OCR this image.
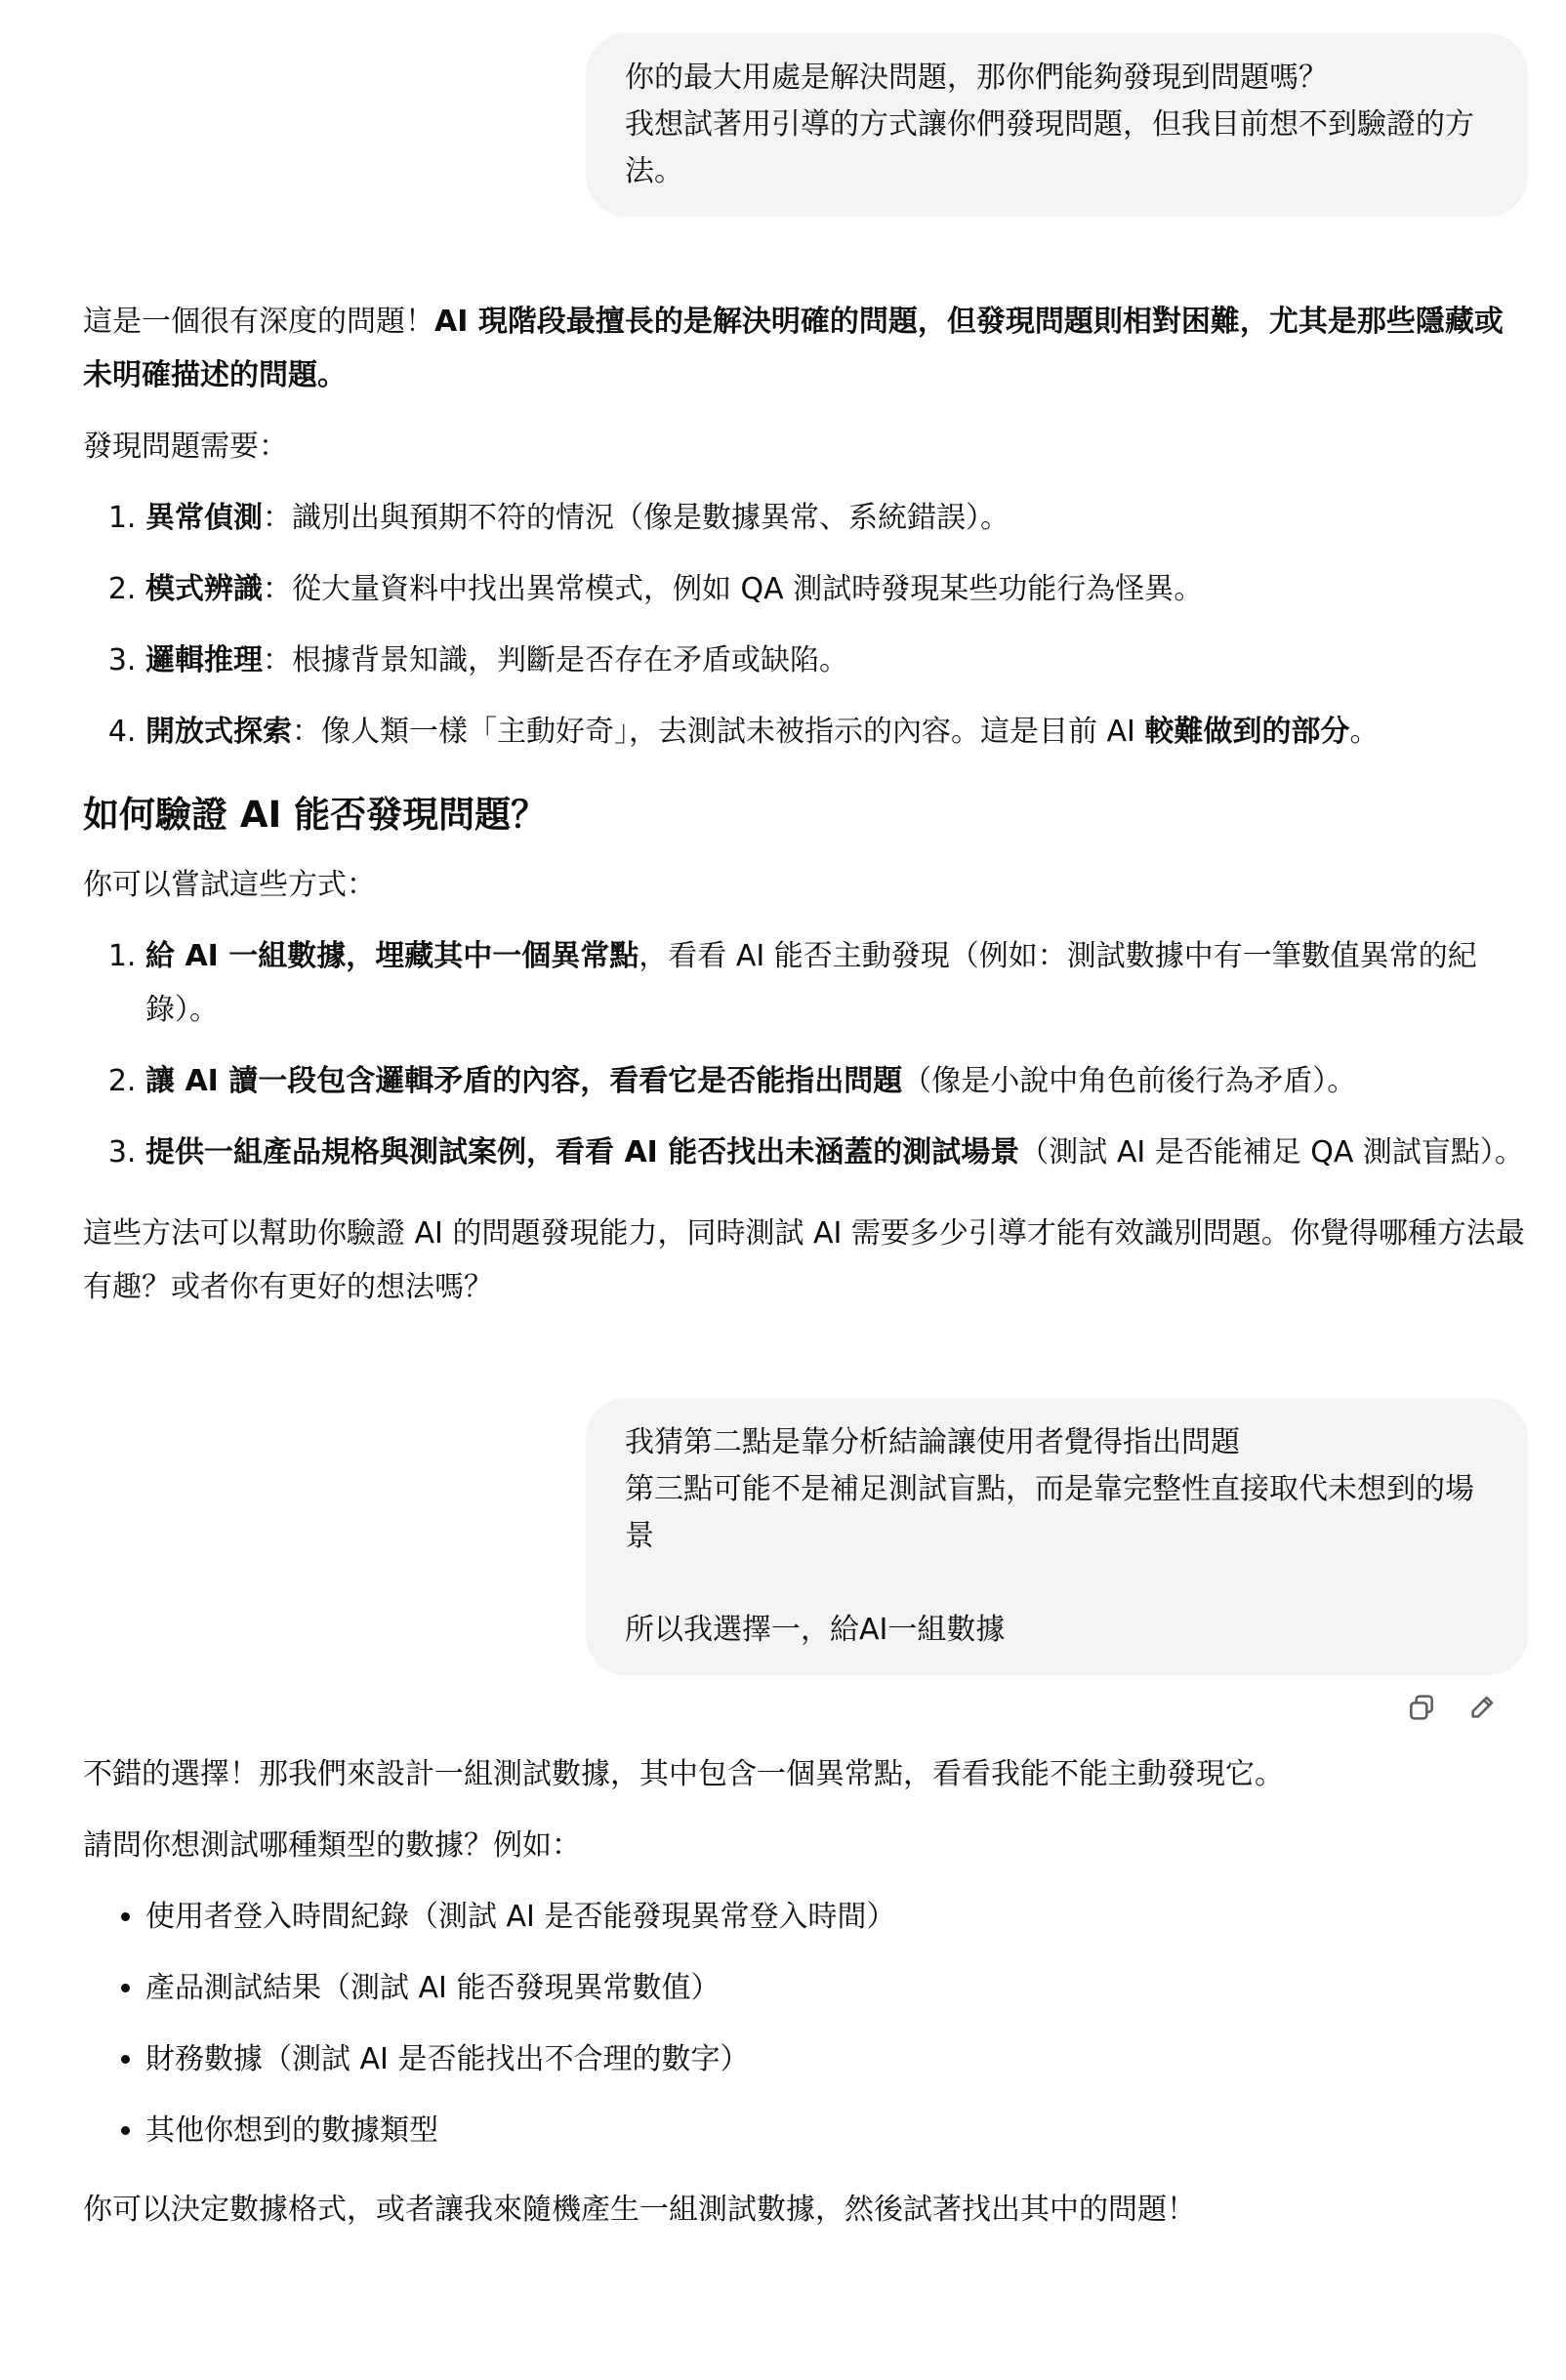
你的最大用處是解決問題，那你們能夠發現到問題嗎？
我想試著用引導的方式讓你們發現問題，但我目前想不到驗證的方
法。

這是一個很有深度的問題！AI 現階段最擅長的是解決明確的問題，但發現問題則相對困難，尤其是那些隱藏或未明確描述的問題。

發現問題需要：

1. 異常偵測：識別出與預期不符的情況（像是數據異常、系統錯誤）。
2. 模式辨識：從大量資料中找出異常模式，例如 QA 測試時發現某些功能行為怪異。
3. 邏輯推理：根據背景知識，判斷是否存在矛盾或缺陷。
4. 開放式探索：像人類一樣「主動好奇」，去測試未被指示的內容。這是目前 AI 較難做到的部分。
如何驗證 AI 能否發現問題？

你可以嘗試這些方式：

1. 給 AI 一組數據，埋藏其中一個異常點，看看 AI 能否主動發現（例如：測試數據中有一筆數值異常的紀錄）。
2. 讓 AI 讀一段包含邏輯矛盾的內容，看看它是否能指出問題（像是小說中角色前後行為矛盾）。
3. 提供一組產品規格與測試案例，看看 AI 能否找出未涵蓋的測試場景（測試 AI 是否能補足 QA 測試盲點）。

這些方法可以幫助你驗證 AI 的問題發現能力，同時測試 AI 需要多少引導才能有效識別問題。你覺得哪種方法最有趣？或者你有更好的想法嗎？

我猜第二點是靠分析結論讓使用者覺得指出問題
第三點可能不是補足測試盲點，而是靠完整性直接取代未想到的場
景

所以我選擇一，給AI一組數據

不錯的選擇！那我們來設計一組測試數據，其中包含一個異常點，看看我能不能主動發現它。

請問你想測試哪種類型的數據？例如：

• 使用者登入時間紀錄（測試 AI 是否能發現異常登入時間）
• 產品測試結果（測試 AI 能否發現異常數值）
• 財務數據（測試 AI 是否能找出不合理的數字）
• 其他你想到的數據類型

你可以決定數據格式，或者讓我來隨機產生一組測試數據，然後試著找出其中的問題！
